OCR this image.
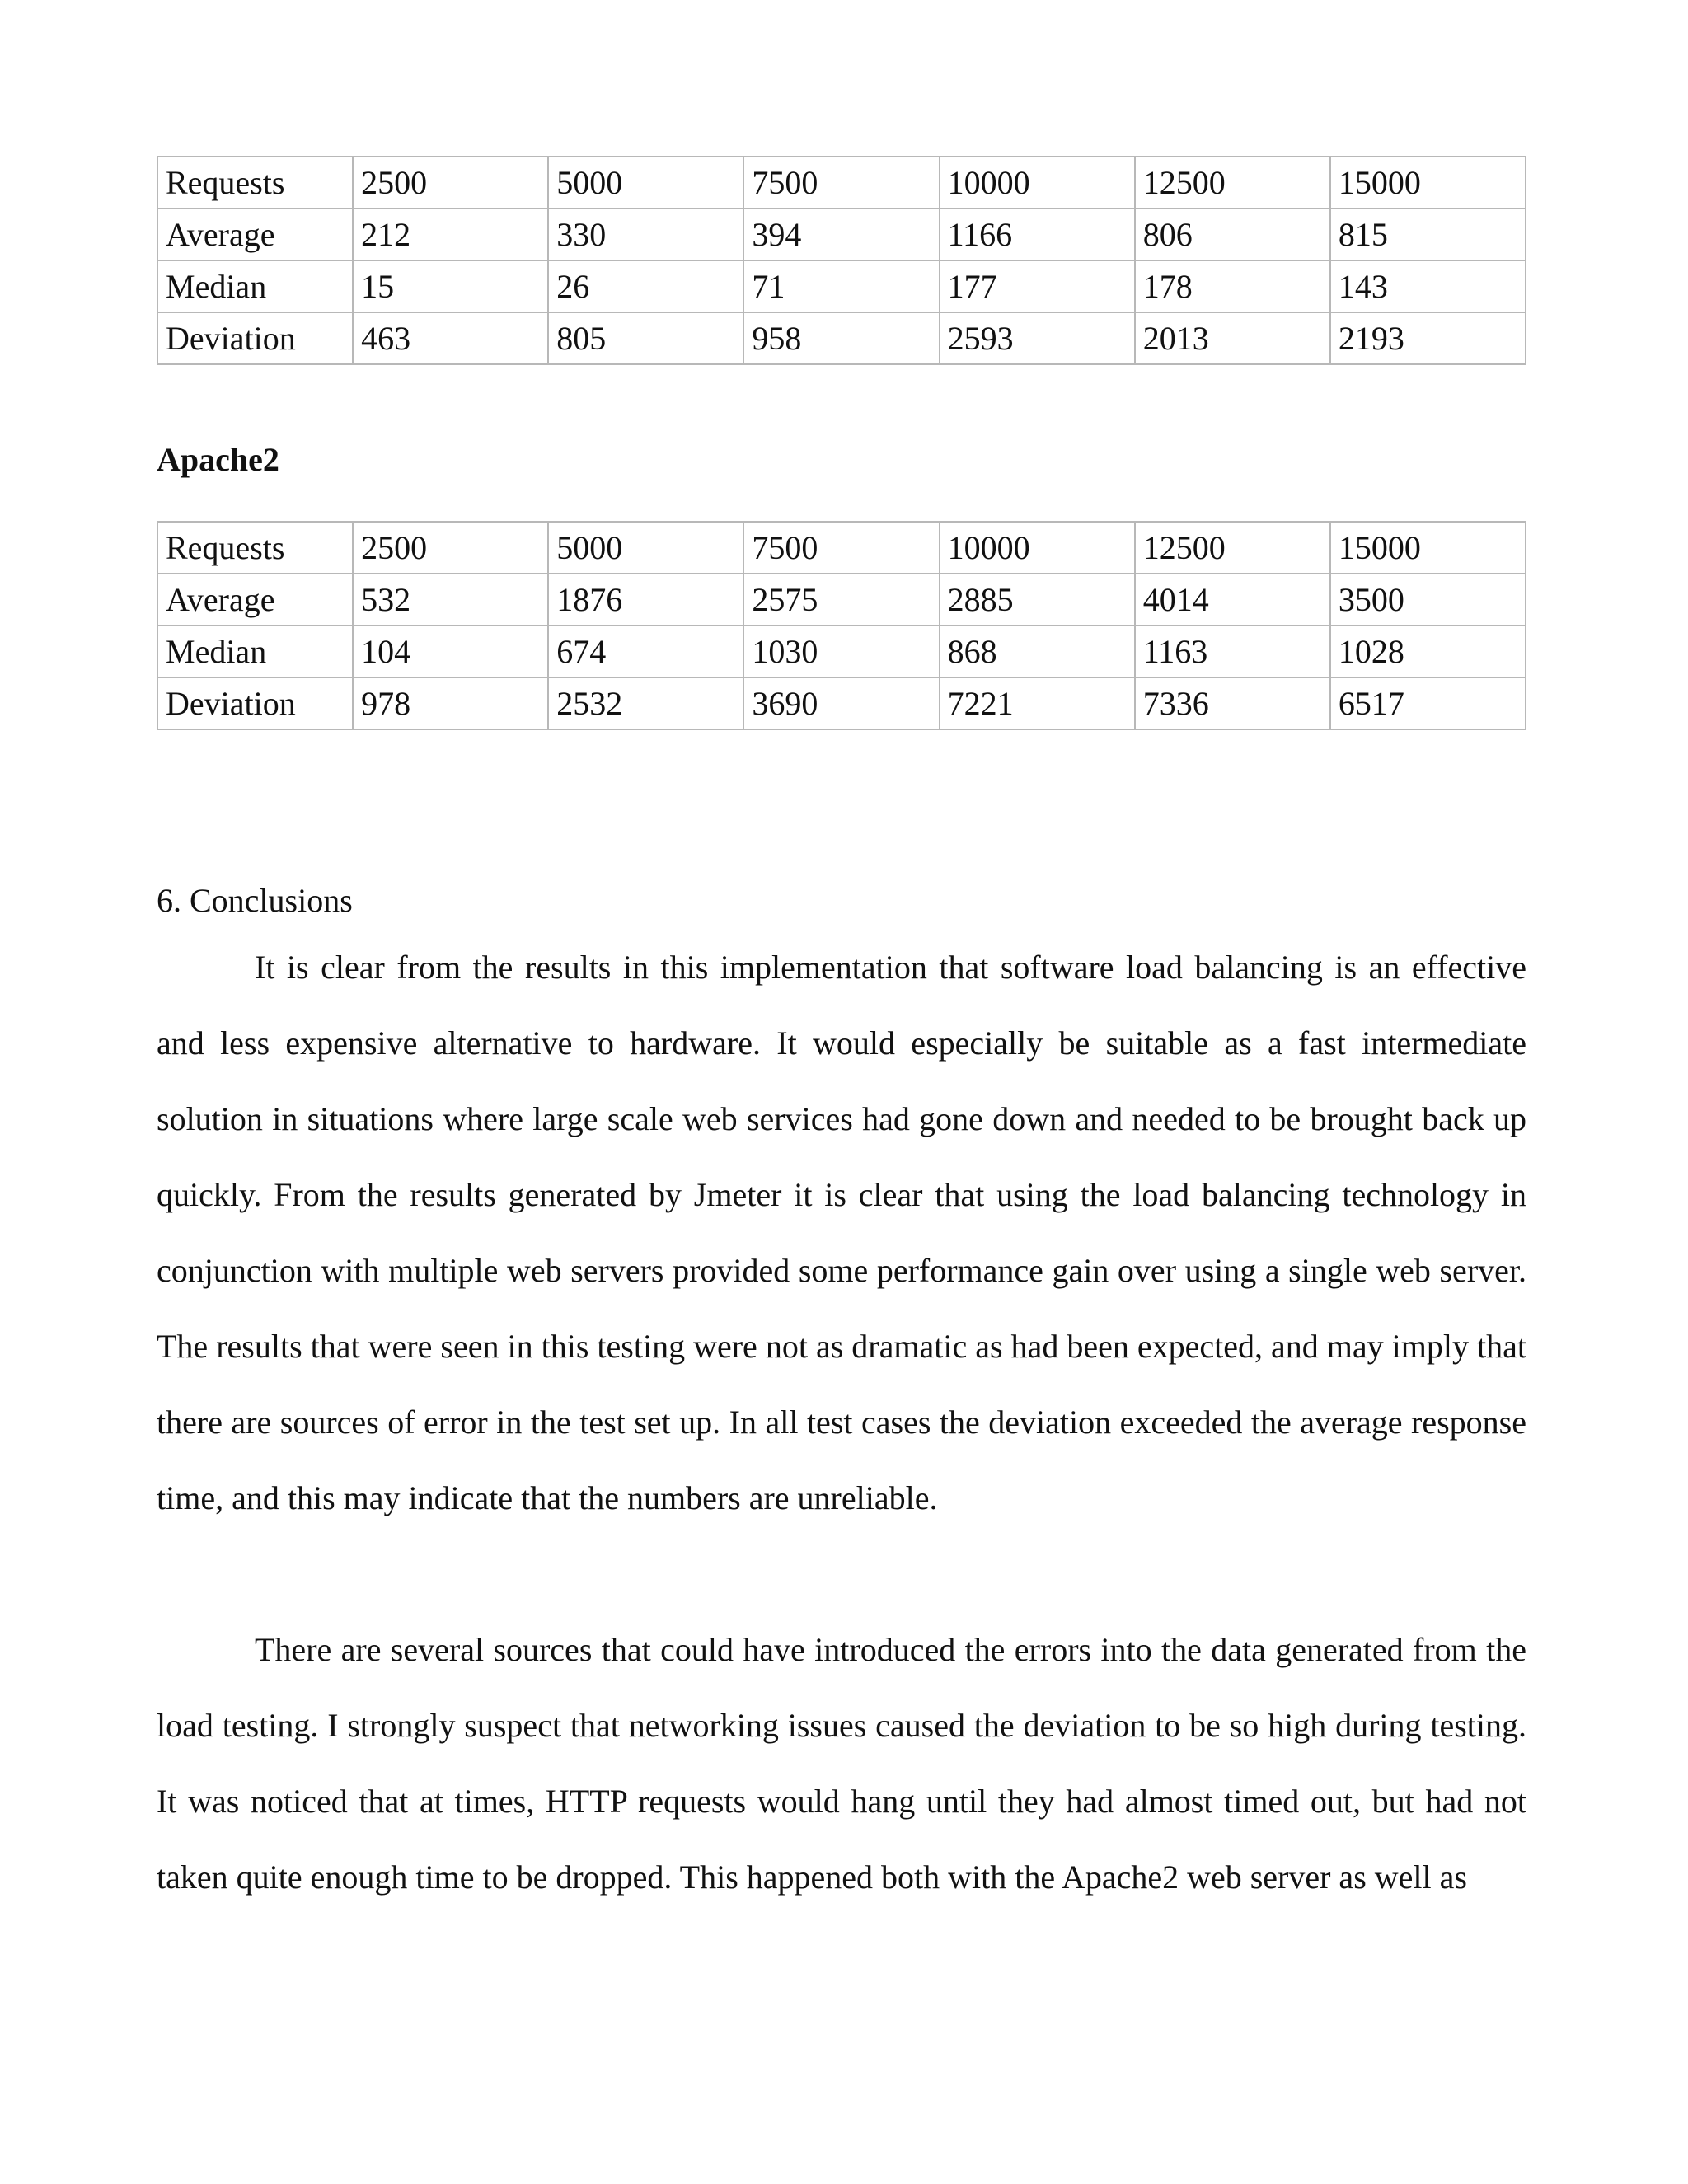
Requests	2500	5000	7500	10000	12500	15000
Average	212	330	394	1166	806	815
Median	15	26	71	177	178	143
Deviation	463	805	958	2593	2013	2193
Apache2
Requests	2500	5000	7500	10000	12500	15000
Average	532	1876	2575	2885	4014	3500
Median	104	674	1030	868	1163	1028
Deviation	978	2532	3690	7221	7336	6517
6. Conclusions

It is clear from the results in this implementation that software load balancing is an effective and less expensive alternative to hardware. It would especially be suitable as a fast intermediate solution in situations where large scale web services had gone down and needed to be brought back up quickly. From the results generated by Jmeter it is clear that using the load balancing technology in conjunction with multiple web servers provided some performance gain over using a single web server. The results that were seen in this testing were not as dramatic as had been expected, and may imply that there are sources of error in the test set up. In all test cases the deviation exceeded the average response time, and this may indicate that the numbers are unreliable.

There are several sources that could have introduced the errors into the data generated from the load testing. I strongly suspect that networking issues caused the deviation to be so high during testing. It was noticed that at times, HTTP requests would hang until they had almost timed out, but had not taken quite enough time to be dropped. This happened both with the Apache2 web server as well as
